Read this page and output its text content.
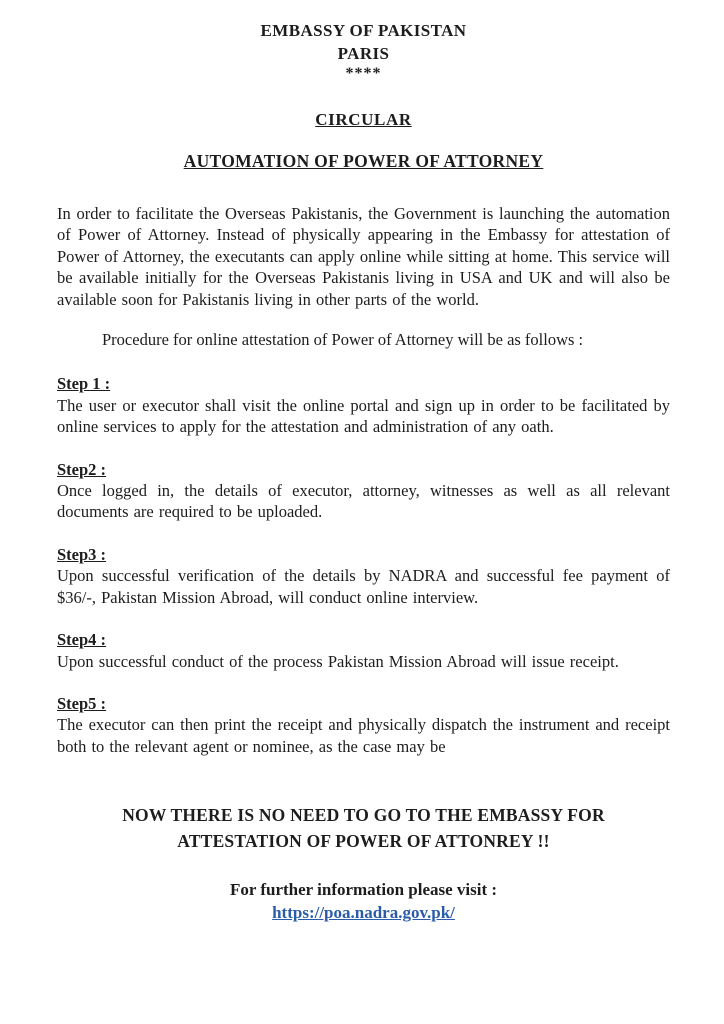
EMBASSY OF PAKISTAN
PARIS
****
CIRCULAR
AUTOMATION OF POWER OF ATTORNEY

In order to facilitate the Overseas Pakistanis, the Government is launching the automation of Power of Attorney. Instead of physically appearing in the Embassy for attestation of Power of Attorney, the executants can apply online while sitting at home. This service will be available initially for the Overseas Pakistanis living in USA and UK and will also be available soon for Pakistanis living in other parts of the world.

Procedure for online attestation of Power of Attorney will be as follows :

Step 1 :

The user or executor shall visit the online portal and sign up in order to be facilitated by online services to apply for the attestation and administration of any oath.

Step2 :

Once logged in, the details of executor, attorney, witnesses as well as all relevant documents are required to be uploaded.

Step3 :

Upon successful verification of the details by NADRA and successful fee payment of $36/-, Pakistan Mission Abroad, will conduct online interview.

Step4 :

Upon successful conduct of the process Pakistan Mission Abroad will issue receipt.

Step5 :

The executor can then print the receipt and physically dispatch the instrument and receipt both to the relevant agent or nominee, as the case may be

NOW THERE IS NO NEED TO GO TO THE EMBASSY FOR
ATTESTATION OF POWER OF ATTONREY !!
For further information please visit :
https://poa.nadra.gov.pk/
